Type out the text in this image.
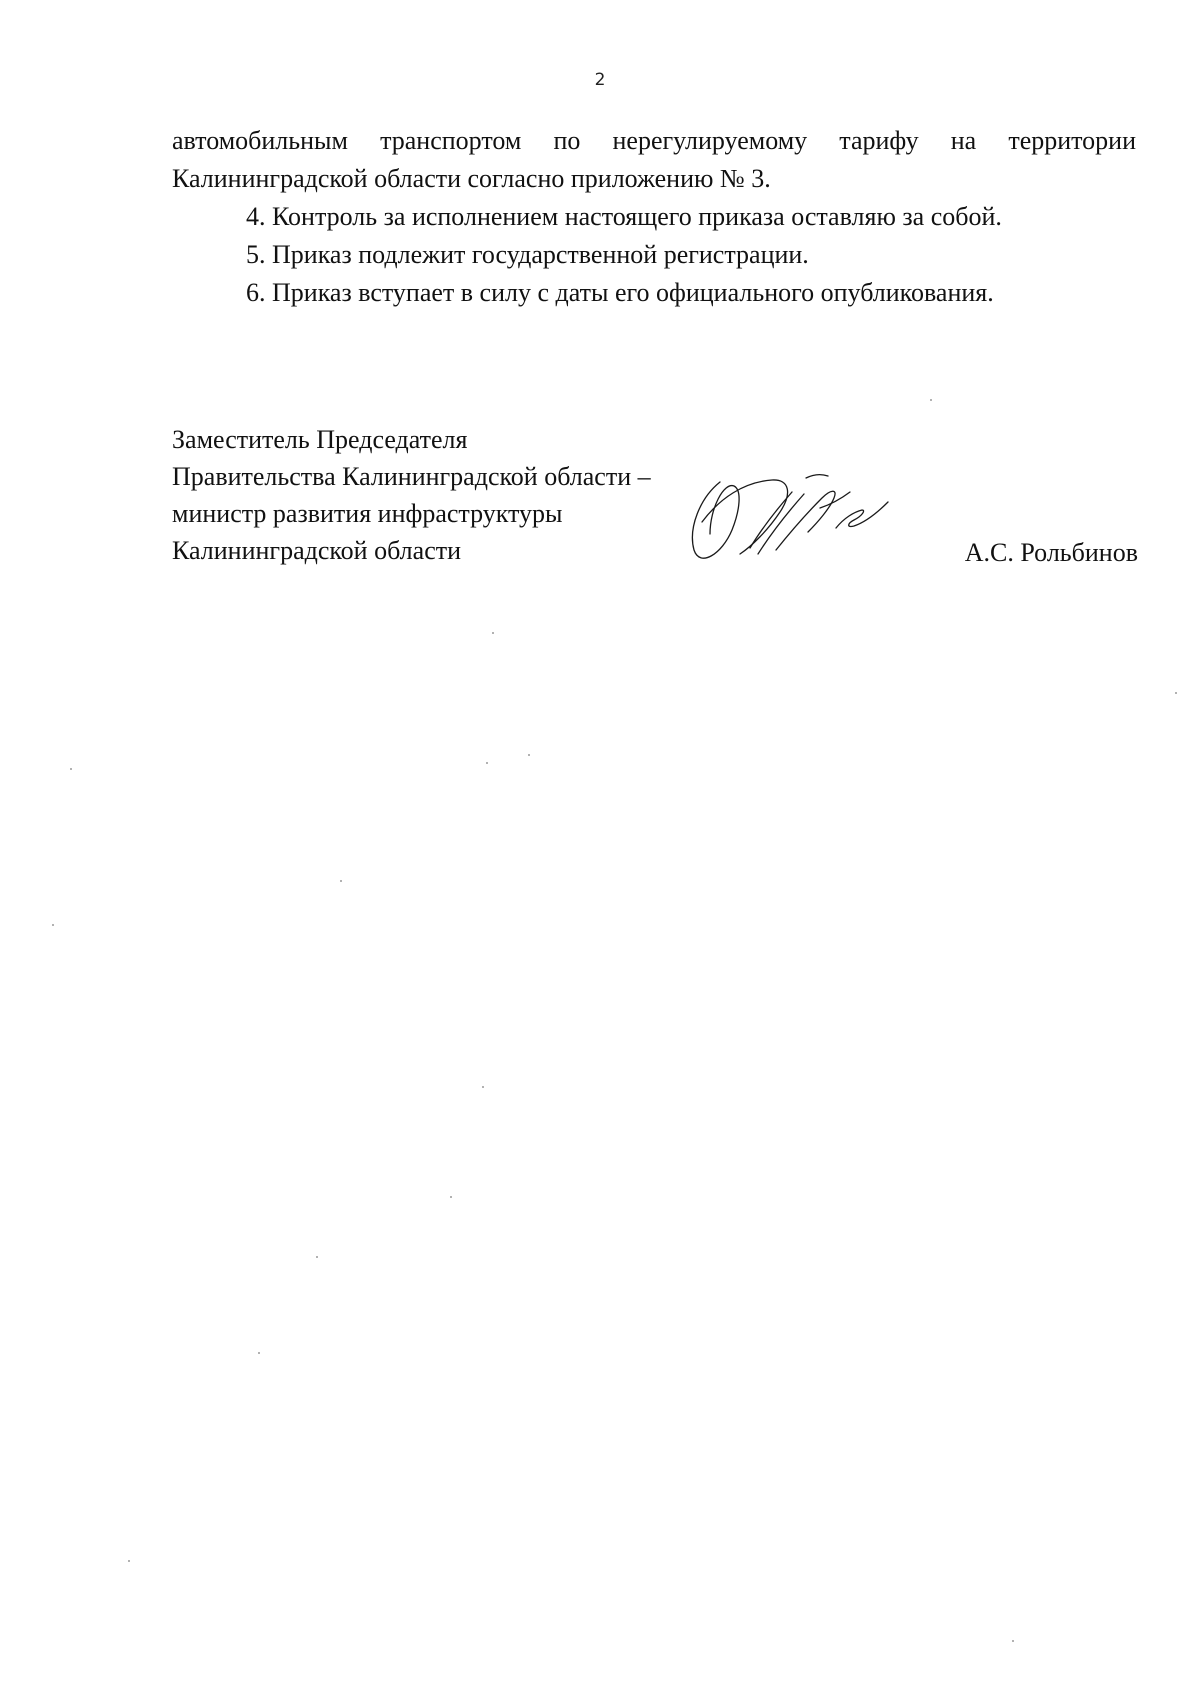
2

автомобильным транспортом по нерегулируемому тарифу на территории Калининградской области согласно приложению № 3.

4. Контроль за исполнением настоящего приказа оставляю за собой.

5. Приказ подлежит государственной регистрации.

6. Приказ вступает в силу с даты его официального опубликования.

Заместитель Председателя
Правительства Калининградской области –
министр развития инфраструктуры
Калининградской области	А.С. Рольбинов
